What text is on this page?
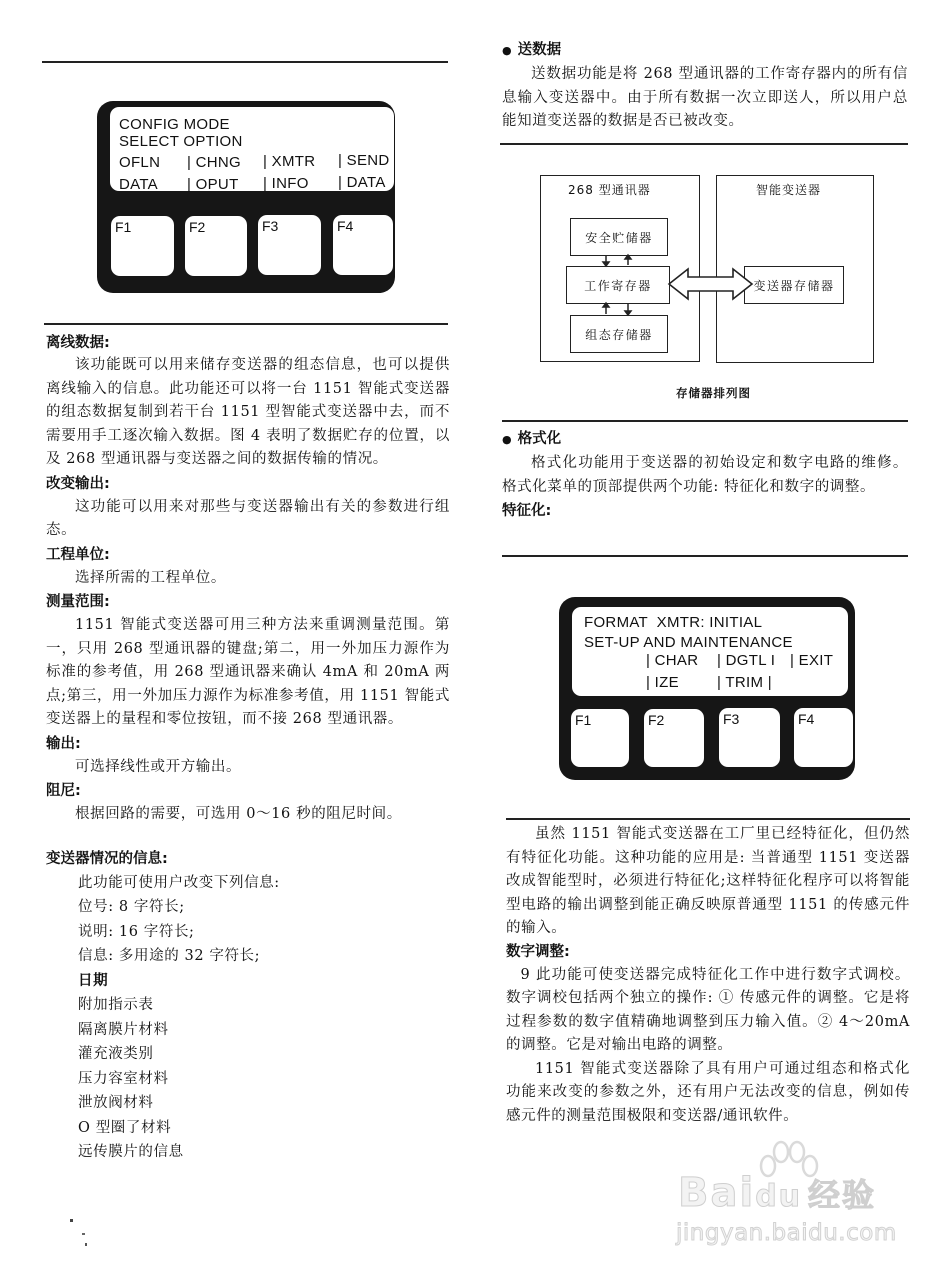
CONFIG MODE
SELECT OPTION
OFLN | CHNG | XMTR | SEND
DATA | OPUT | INFO | DATA
F1	F2	F3	F4
离线数据:
该功能既可以用来储存变送器的组态信息，也可以提供离线输入的信息。此功能还可以将一台 1151 智能式变送器的组态数据复制到若干台 1151 型智能式变送器中去，而不需要用手工逐次输入数据。图 4 表明了数据贮存的位置，以及 268 型通讯器与变送器之间的数据传输的情况。
改变输出:
这功能可以用来对那些与变送器输出有关的参数进行组态。
工程单位:
选择所需的工程单位。
测量范围:
1151 智能式变送器可用三种方法来重调测量范围。第一，只用 268 型通讯器的键盘;第二，用一外加压力源作为标准的参考值，用 268 型通讯器来确认 4mA 和 20mA 两点;第三，用一外加压力源作为标准参考值，用 1151 智能式变送器上的量程和零位按钮，而不接 268 型通讯器。
输出:
可选择线性或开方输出。
阻尼:
根据回路的需要，可选用 0～16 秒的阻尼时间。
变送器情况的信息:
此功能可使用户改变下列信息:
位号: 8 字符长;
说明: 16 字符长;
信息: 多用途的 32 字符长;
日期
附加指示表
隔离膜片材料
灌充液类别
压力容室材料
泄放阀材料
O 型圈了材料
远传膜片的信息
● 送数据
送数据功能是将 268 型通讯器的工作寄存器内的所有信息输入变送器中。由于所有数据一次立即送人，所以用户总能知道变送器的数据是否已被改变。
268 型通讯器	智能变送器
安全贮储器
工作寄存器
组态存储器
变送器存储器
存储器排列图
● 格式化
格式化功能用于变送器的初始设定和数字电路的维修。格式化菜单的顶部提供两个功能: 特征化和数字的调整。
特征化:
FORMAT  XMTR: INITIAL
SET-UP AND MAINTENANCE
| CHAR | DGTL I | EXIT
| IZE	| TRIM |
F1	F2	F3	F4
虽然 1151 智能式变送器在工厂里已经特征化，但仍然有特征化功能。这种功能的应用是: 当普通型 1151 变送器改成智能型时，必须进行特征化;这样特征化程序可以将智能型电路的输出调整到能正确反映原普通型 1151 的传感元件的输入。
数字调整:
9 此功能可使变送器完成特征化工作中进行数字式调校。数字调校包括两个独立的操作: ① 传感元件的调整。它是将过程参数的数字值精确地调整到压力输入值。② 4～20mA 的调整。它是对输出电路的调整。
1151 智能式变送器除了具有用户可通过组态和格式化功能来改变的参数之外，还有用户无法改变的信息，例如传感元件的测量范围极限和变送器/通讯软件。
Baidu 经验
jingyan.baidu.com
